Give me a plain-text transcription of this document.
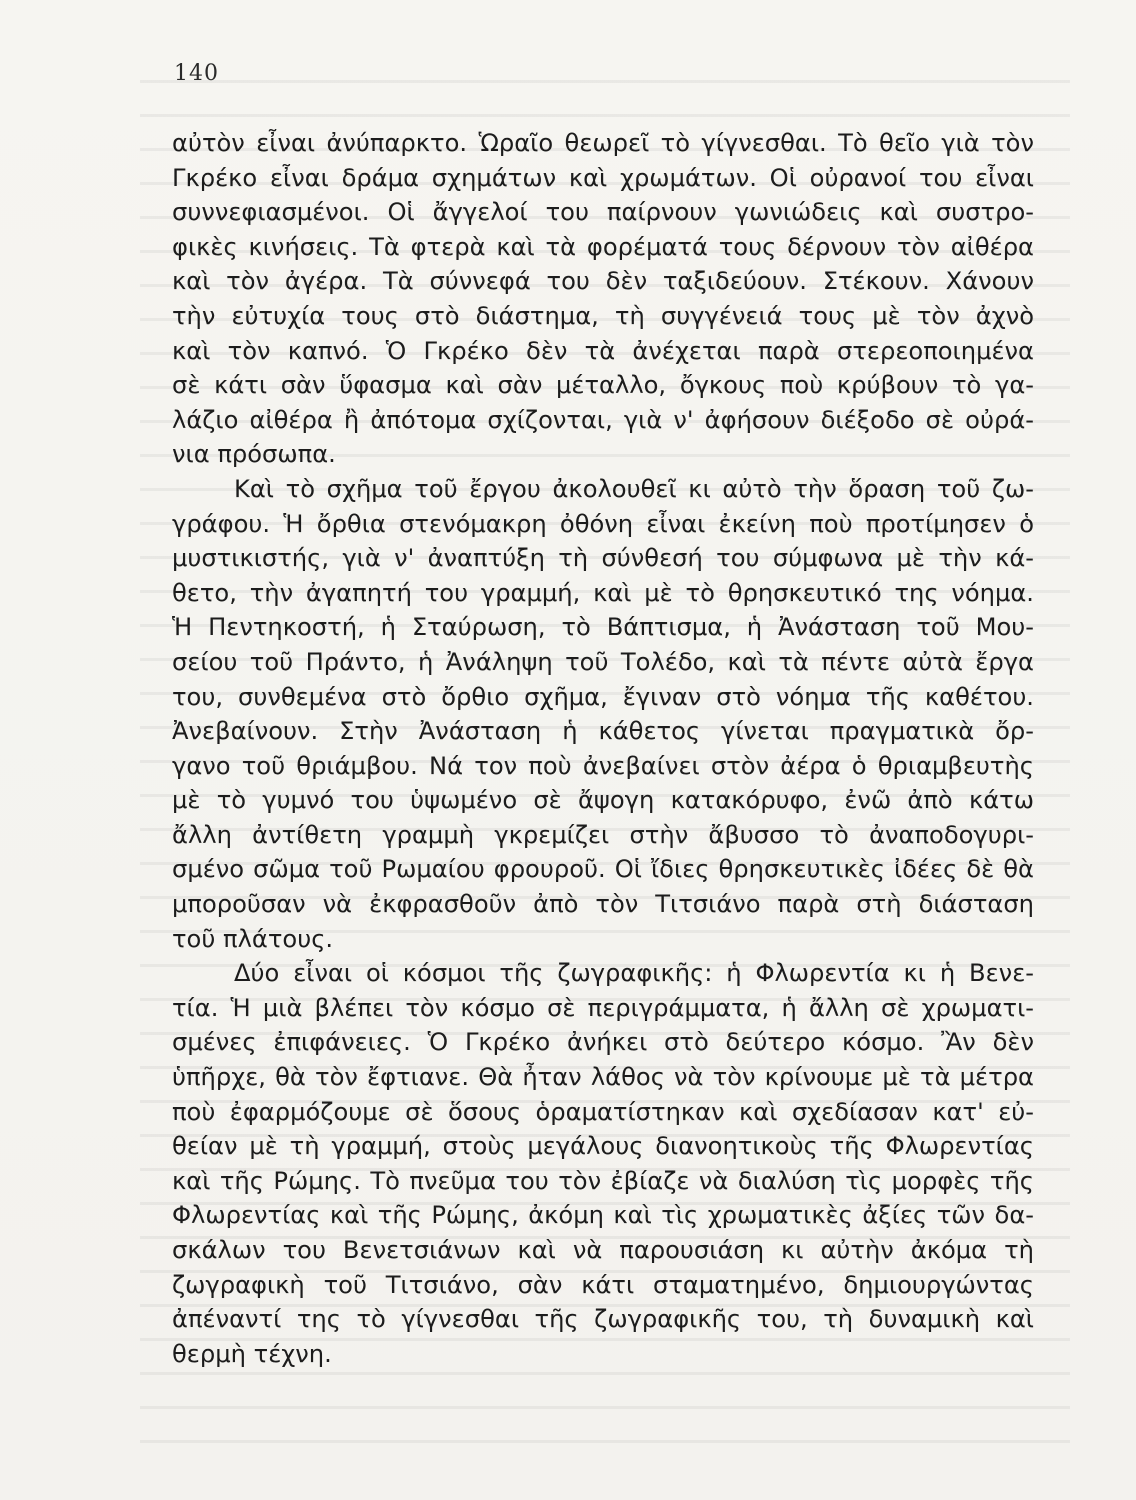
140
αὐτὸν εἶναι ἀνύπαρκτο. Ὡραῖο θεωρεῖ τὸ γίγνεσθαι. Τὸ θεῖο γιὰ τὸν
Γκρέκο εἶναι δράμα σχημάτων καὶ χρωμάτων. Οἱ οὐρανοί του εἶναι
συννεφιασμένοι. Οἱ ἄγγελοί του παίρνουν γωνιώδεις καὶ συστρο-
φικὲς κινήσεις. Τὰ φτερὰ καὶ τὰ φορέματά τους δέρνουν τὸν αἰθέρα
καὶ τὸν ἀγέρα. Τὰ σύννεφά του δὲν ταξιδεύουν. Στέκουν. Χάνουν
τὴν εὐτυχία τους στὸ διάστημα, τὴ συγγένειά τους μὲ τὸν ἀχνὸ
καὶ τὸν καπνό. Ὁ Γκρέκο δὲν τὰ ἀνέχεται παρὰ στερεοποιημένα
σὲ κάτι σὰν ὕφασμα καὶ σὰν μέταλλο, ὄγκους ποὺ κρύβουν τὸ γα-
λάζιο αἰθέρα ἢ ἀπότομα σχίζονται, γιὰ ν' ἀφήσουν διέξοδο σὲ οὐρά-
νια πρόσωπα.
Καὶ τὸ σχῆμα τοῦ ἔργου ἀκολουθεῖ κι αὐτὸ τὴν ὅραση τοῦ ζω-
γράφου. Ἡ ὄρθια στενόμακρη ὀθόνη εἶναι ἐκείνη ποὺ προτίμησεν ὁ
μυστικιστής, γιὰ ν' ἀναπτύξη τὴ σύνθεσή του σύμφωνα μὲ τὴν κά-
θετο, τὴν ἀγαπητή του γραμμή, καὶ μὲ τὸ θρησκευτικό της νόημα.
Ἡ Πεντηκοστή, ἡ Σταύρωση, τὸ Βάπτισμα, ἡ Ἀνάσταση τοῦ Μου-
σείου τοῦ Πράντο, ἡ Ἀνάληψη τοῦ Τολέδο, καὶ τὰ πέντε αὐτὰ ἔργα
του, συνθεμένα στὸ ὄρθιο σχῆμα, ἔγιναν στὸ νόημα τῆς καθέτου.
Ἀνεβαίνουν. Στὴν Ἀνάσταση ἡ κάθετος γίνεται πραγματικὰ ὄρ-
γανο τοῦ θριάμβου. Νά τον ποὺ ἀνεβαίνει στὸν ἀέρα ὁ θριαμβευτὴς
μὲ τὸ γυμνό του ὑψωμένο σὲ ἄψογη κατακόρυφο, ἐνῶ ἀπὸ κάτω
ἄλλη ἀντίθετη γραμμὴ γκρεμίζει στὴν ἄβυσσο τὸ ἀναποδογυρι-
σμένο σῶμα τοῦ Ρωμαίου φρουροῦ. Οἱ ἴδιες θρησκευτικὲς ἰδέες δὲ θὰ
μποροῦσαν νὰ ἐκφρασθοῦν ἀπὸ τὸν Τιτσιάνο παρὰ στὴ διάσταση
τοῦ πλάτους.
Δύο εἶναι οἱ κόσμοι τῆς ζωγραφικῆς: ἡ Φλωρεντία κι ἡ Βενε-
τία. Ἡ μιὰ βλέπει τὸν κόσμο σὲ περιγράμματα, ἡ ἄλλη σὲ χρωματι-
σμένες ἐπιφάνειες. Ὁ Γκρέκο ἀνήκει στὸ δεύτερο κόσμο. Ἂν δὲν
ὑπῆρχε, θὰ τὸν ἔφτιανε. Θὰ ἦταν λάθος νὰ τὸν κρίνουμε μὲ τὰ μέτρα
ποὺ ἐφαρμόζουμε σὲ ὅσους ὁραματίστηκαν καὶ σχεδίασαν κατ' εὐ-
θείαν μὲ τὴ γραμμή, στοὺς μεγάλους διανοητικοὺς τῆς Φλωρεντίας
καὶ τῆς Ρώμης. Τὸ πνεῦμα του τὸν ἐβίαζε νὰ διαλύση τὶς μορφὲς τῆς
Φλωρεντίας καὶ τῆς Ρώμης, ἀκόμη καὶ τὶς χρωματικὲς ἀξίες τῶν δα-
σκάλων του Βενετσιάνων καὶ νὰ παρουσιάση κι αὐτὴν ἀκόμα τὴ
ζωγραφικὴ τοῦ Τιτσιάνο, σὰν κάτι σταματημένο, δημιουργώντας
ἀπέναντί της τὸ γίγνεσθαι τῆς ζωγραφικῆς του, τὴ δυναμικὴ καὶ
θερμὴ τέχνη.
